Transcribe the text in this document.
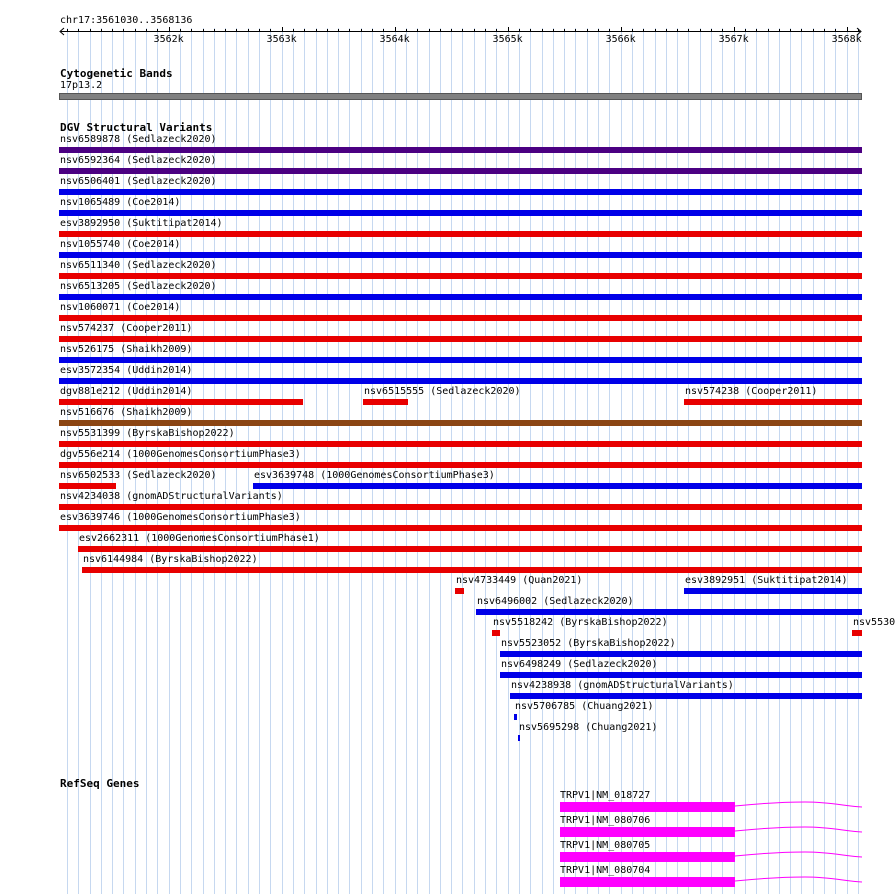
chr17:3561030..3568136
3562k	3563k	3564k	3565k	3566k	3567k	3568k
Cytogenetic Bands
17p13.2
DGV Structural Variants
nsv6589878 (Sedlazeck2020)
nsv6592364 (Sedlazeck2020)
nsv6506401 (Sedlazeck2020)
nsv1065489 (Coe2014)
esv3892950 (Suktitipat2014)
nsv1055740 (Coe2014)
nsv6511340 (Sedlazeck2020)
nsv6513205 (Sedlazeck2020)
nsv1060071 (Coe2014)
nsv574237 (Cooper2011)
nsv526175 (Shaikh2009)
esv3572354 (Uddin2014)
dgv881e212 (Uddin2014)	nsv6515555 (Sedlazeck2020)	nsv574238 (Cooper2011)
nsv516676 (Shaikh2009)
nsv5531399 (ByrskaBishop2022)
dgv556e214 (1000GenomesConsortiumPhase3)
nsv6502533 (Sedlazeck2020)	esv3639748 (1000GenomesConsortiumPhase3)
nsv4234038 (gnomADStructuralVariants)
esv3639746 (1000GenomesConsortiumPhase3)
esv2662311 (1000GenomesConsortiumPhase1)
nsv6144984 (ByrskaBishop2022)
nsv4733449 (Quan2021)	esv3892951 (Suktitipat2014)
nsv6496002 (Sedlazeck2020)
nsv5518242 (ByrskaBishop2022)	nsv5530
nsv5523052 (ByrskaBishop2022)
nsv6498249 (Sedlazeck2020)
nsv4238938 (gnomADStructuralVariants)
nsv5706785 (Chuang2021)
nsv5695298 (Chuang2021)
RefSeq Genes
TRPV1|NM_018727
TRPV1|NM_080706
TRPV1|NM_080705
TRPV1|NM_080704
